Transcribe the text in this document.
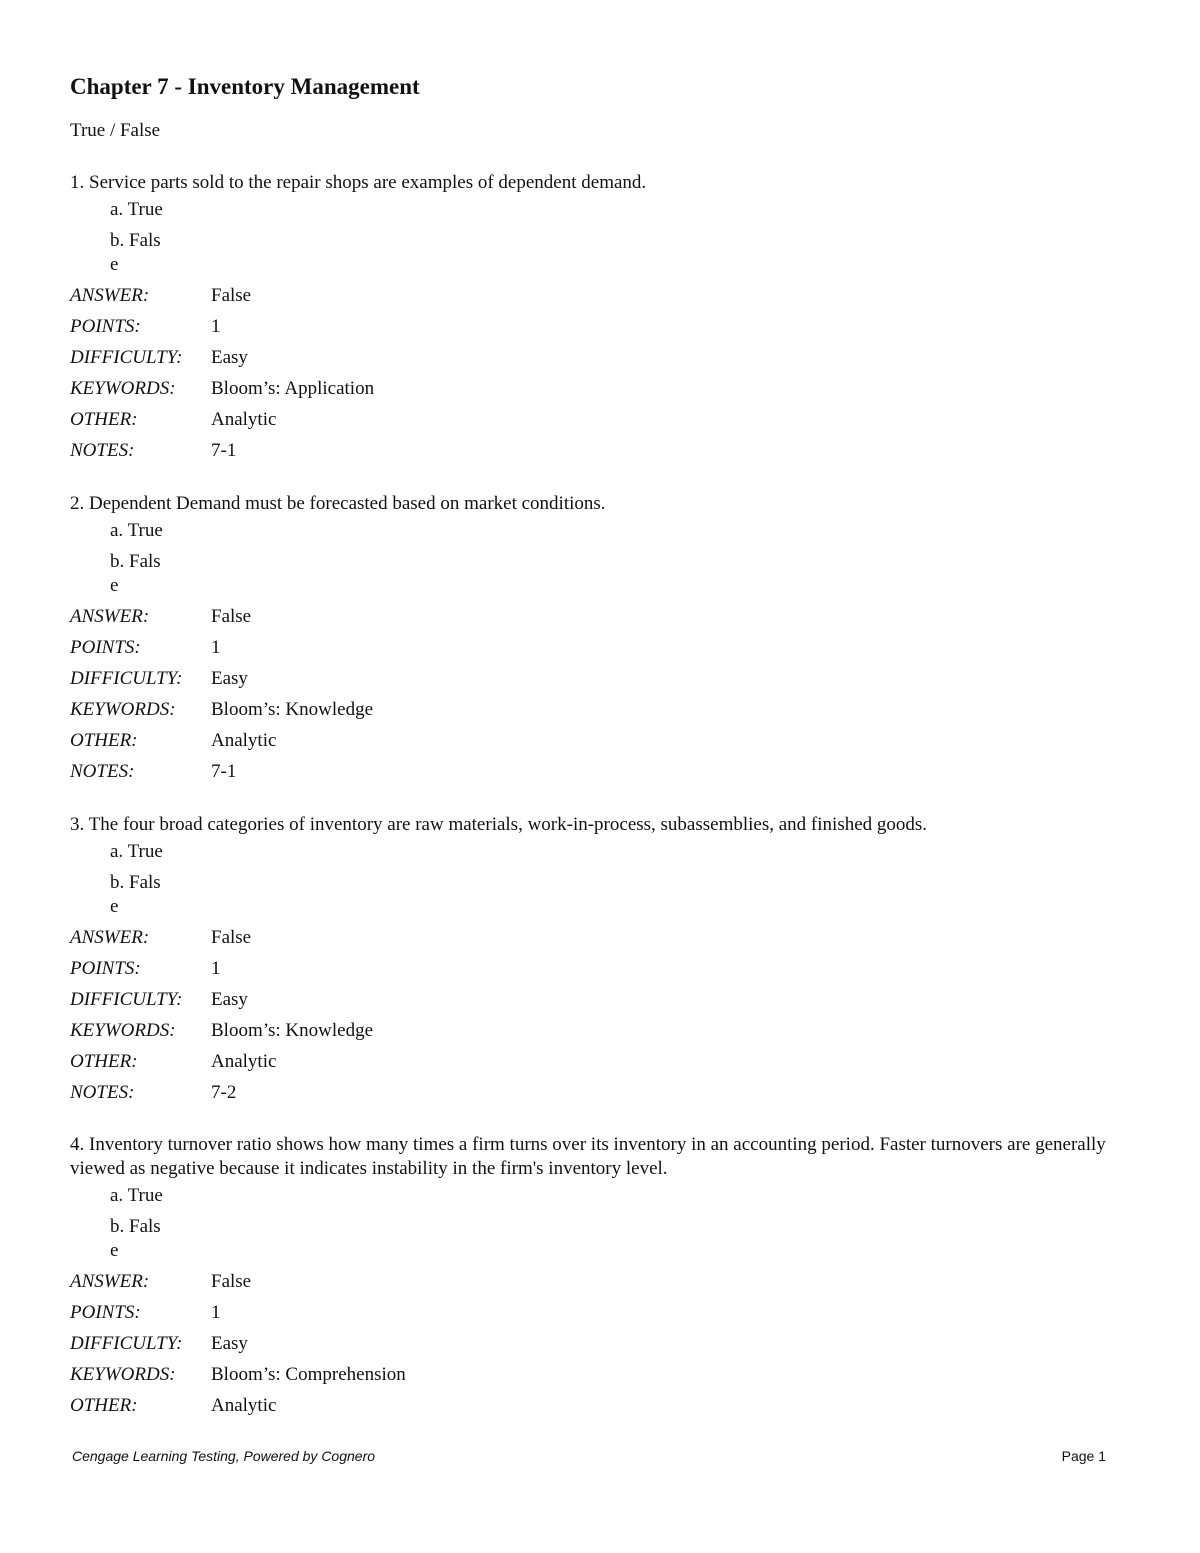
Chapter 7 - Inventory Management
True / False
1. Service parts sold to the repair shops are examples of dependent demand.
a. True
b. False
ANSWER:	False
POINTS:	1
DIFFICULTY:	Easy
KEYWORDS:	Bloom’s: Application
OTHER:	Analytic
NOTES:	7-1
2. Dependent Demand must be forecasted based on market conditions.
a. True
b. False
ANSWER:	False
POINTS:	1
DIFFICULTY:	Easy
KEYWORDS:	Bloom’s: Knowledge
OTHER:	Analytic
NOTES:	7-1
3. The four broad categories of inventory are raw materials, work-in-process, subassemblies, and finished goods.
a. True
b. False
ANSWER:	False
POINTS:	1
DIFFICULTY:	Easy
KEYWORDS:	Bloom’s: Knowledge
OTHER:	Analytic
NOTES:	7-2
4. Inventory turnover ratio shows how many times a firm turns over its inventory in an accounting period. Faster turnovers are generally viewed as negative because it indicates instability in the firm's inventory level.
a. True
b. False
ANSWER:	False
POINTS:	1
DIFFICULTY:	Easy
KEYWORDS:	Bloom’s: Comprehension
OTHER:	Analytic
Cengage Learning Testing, Powered by Cognero	Page 1
